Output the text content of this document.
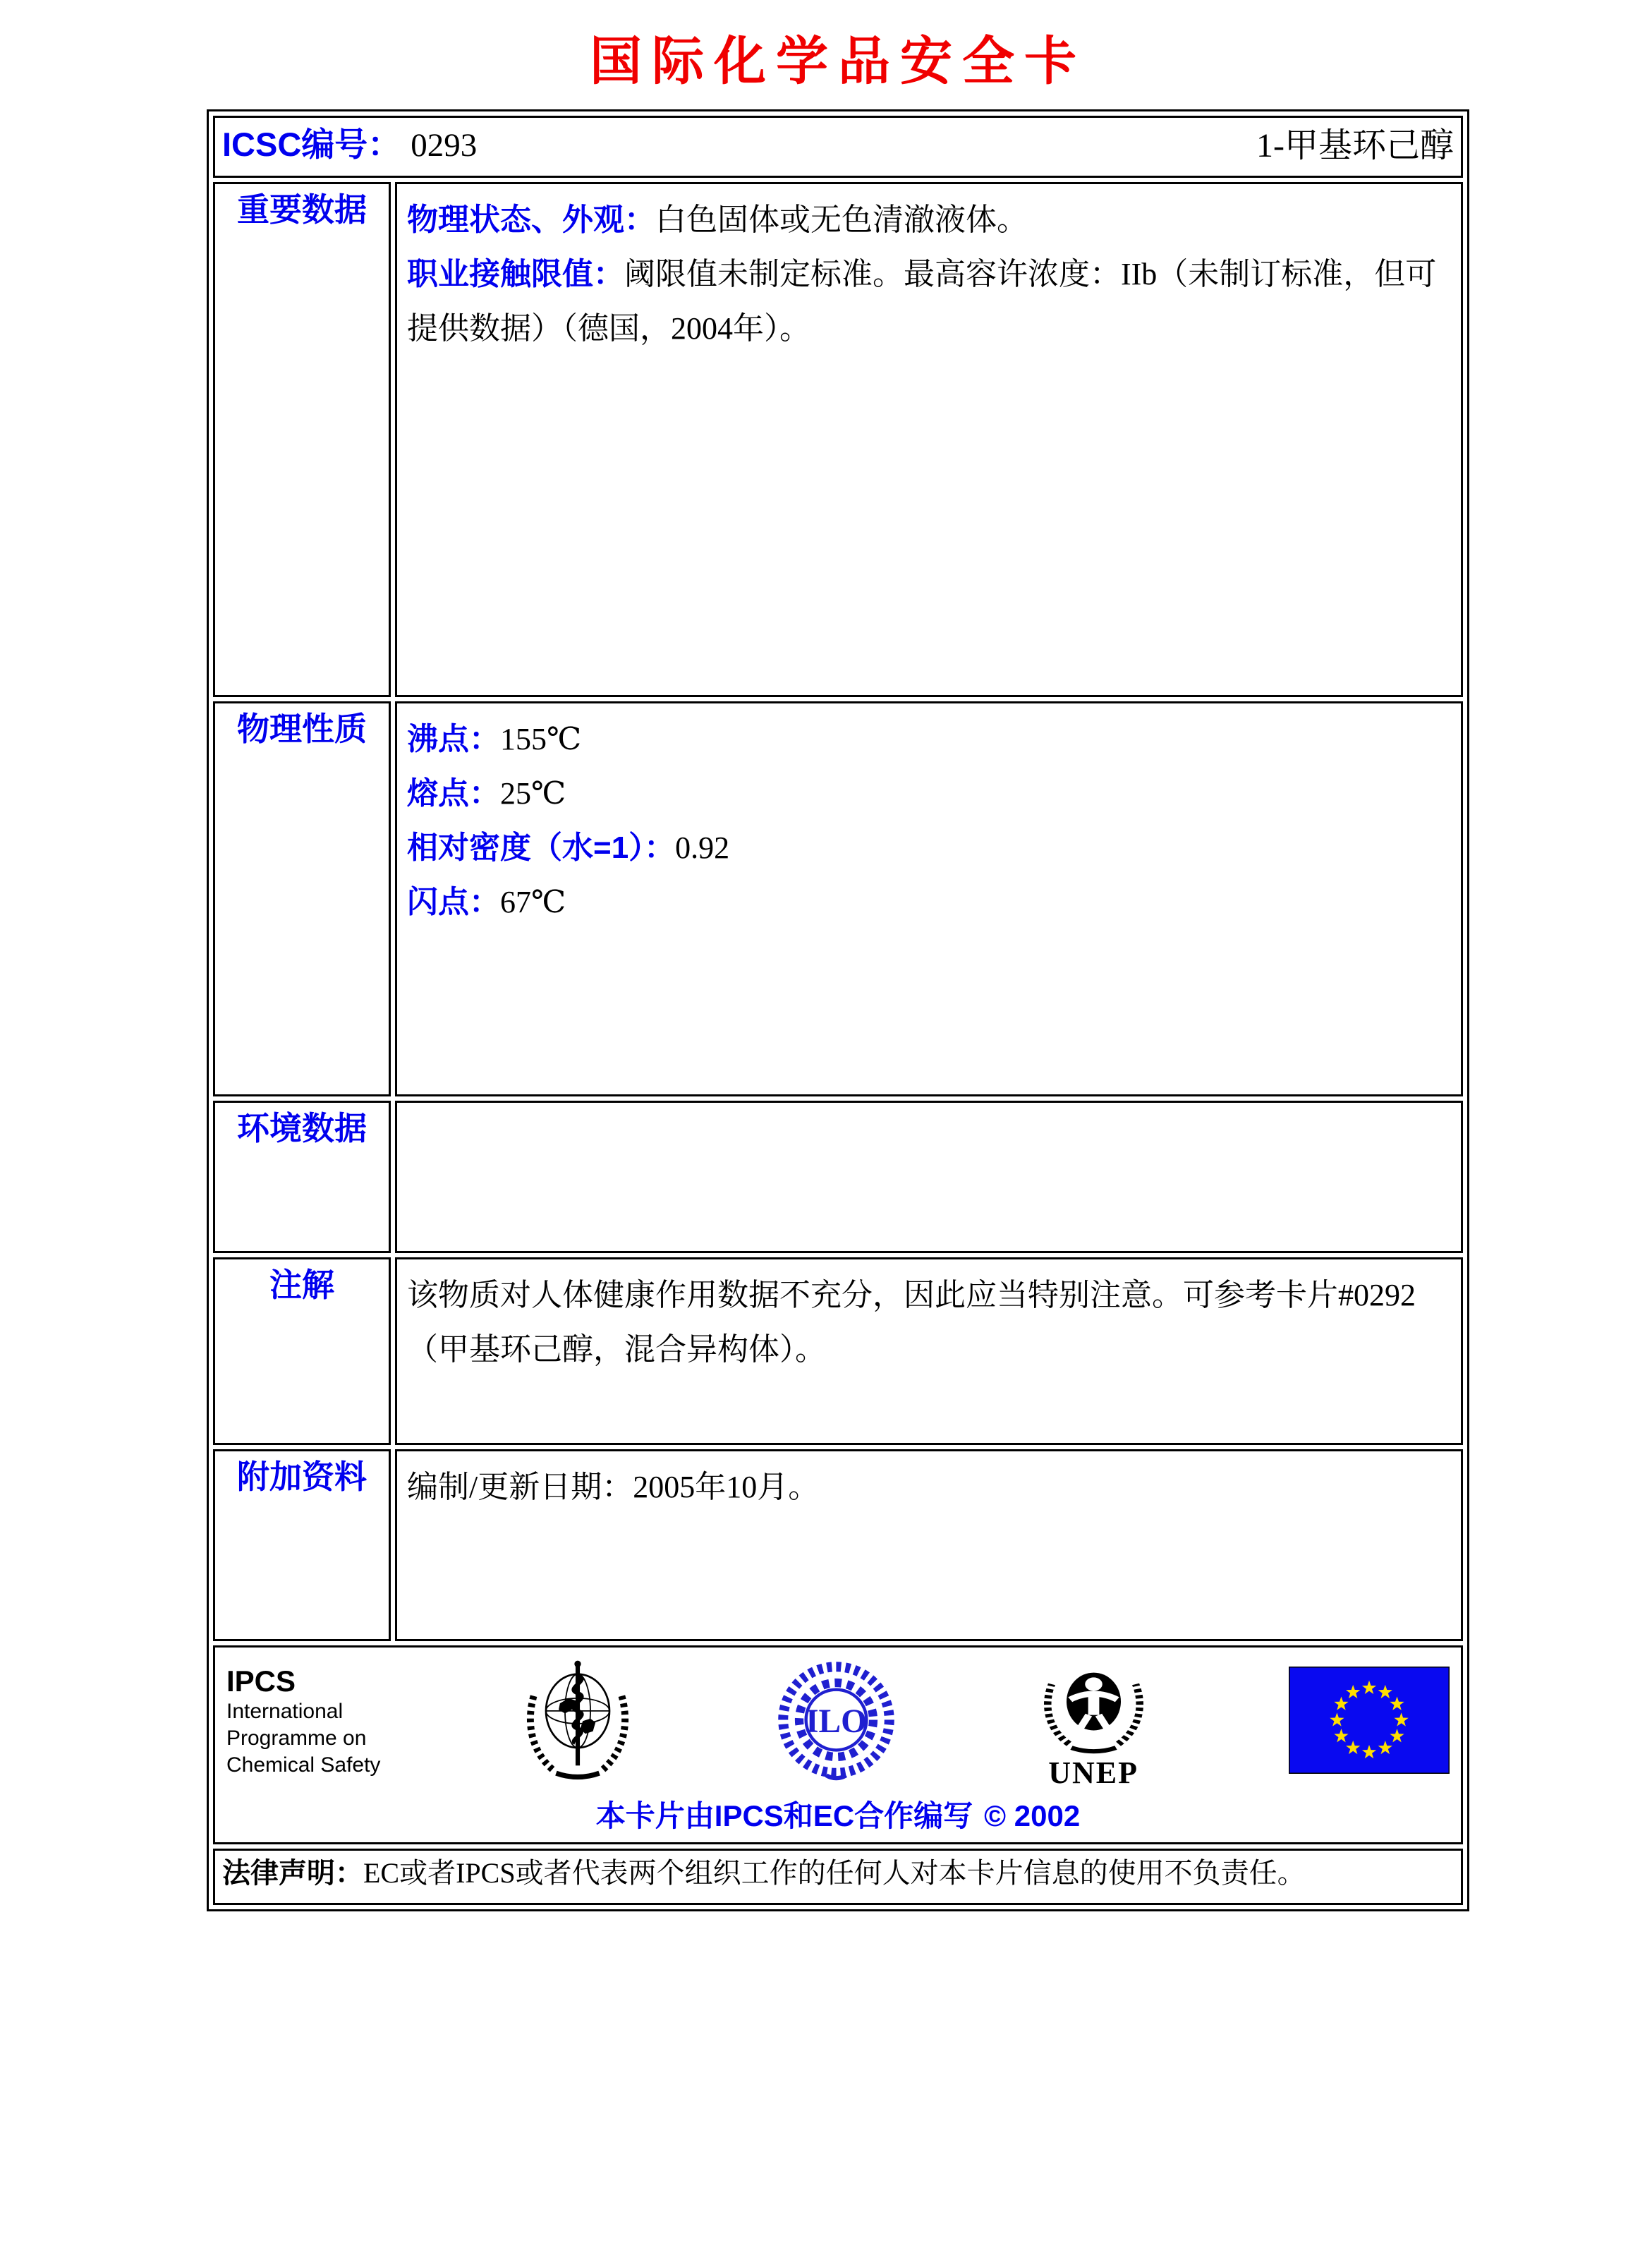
国际化学品安全卡
ICSC编号： 0293 1-甲基环己醇	

重要数据	物理状态、外观：白色固体或无色清澈液体。

职业接触限值：阈限值未制定标准。最高容许浓度：IIb（未制订标准，但可提供数据）（德国，2004年）。

物理性质	沸点：155℃

熔点：25℃

相对密度（水=1）：0.92

闪点：67℃

环境数据	
注解	该物质对人体健康作用数据不充分，因此应当特别注意。可参考卡片#0292（甲基环己醇，混合异构体）。
附加资料	编制/更新日期：2005年10月。

IPCS
International
Programme on
Chemical Safety
ILO
UNEP
本卡片由IPCS和EC合作编写 © 2002

法律声明：EC或者IPCS或者代表两个组织工作的任何人对本卡片信息的使用不负责任。	
